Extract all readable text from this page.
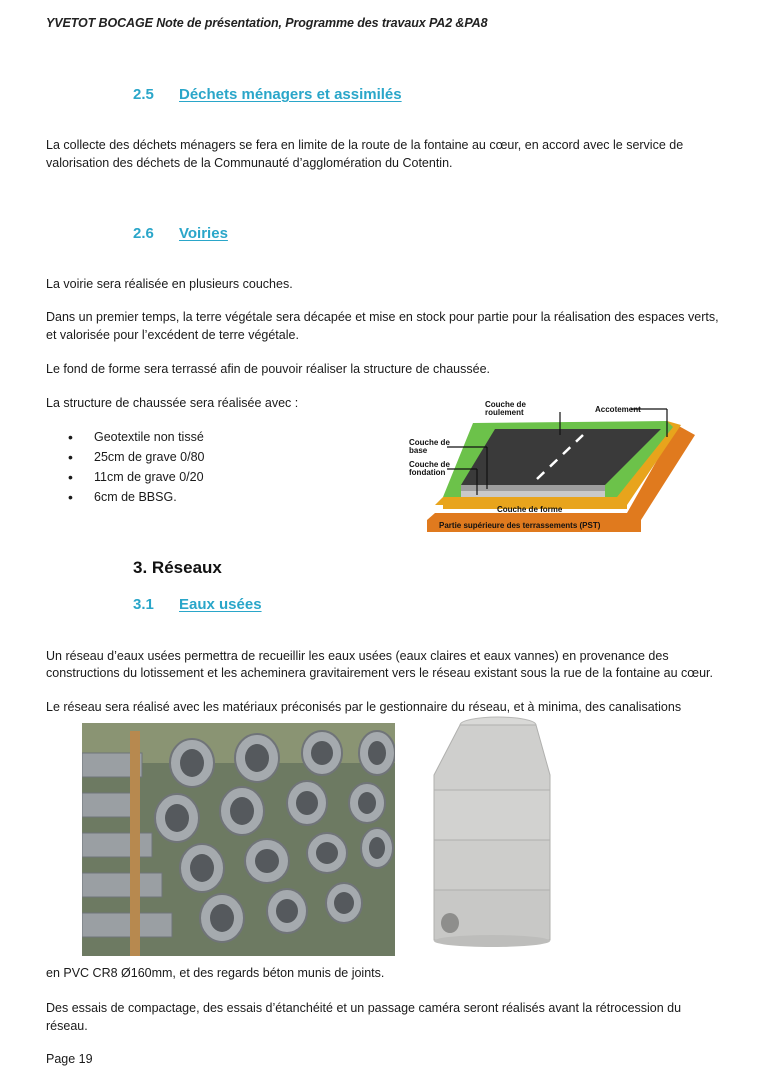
YVETOT BOCAGE Note de présentation, Programme des travaux PA2 &PA8
2.5 Déchets ménagers et assimilés
La collecte des déchets ménagers se fera en limite de la route de la fontaine au cœur, en accord avec le service de valorisation des déchets de la Communauté d’agglomération du Cotentin.
2.6 Voiries
La voirie sera réalisée en plusieurs couches.
Dans un premier temps, la terre végétale sera décapée et mise en stock pour partie pour la réalisation des espaces verts, et valorisée pour l’excédent de terre végétale.
Le fond de forme sera terrassé afin de pouvoir réaliser la structure de chaussée.
La structure de chaussée sera réalisée avec :
• Geotextile non tissé
• 25cm de grave 0/80
• 11cm de grave 0/20
• 6cm de BBSG.
Couche de
roulement	Accotement
Couche de
base
Couche de
fondation
Couche de forme
Partie supérieure des terrassements (PST)
3. Réseaux
3.1 Eaux usées
Un réseau d’eaux usées permettra de recueillir les eaux usées (eaux claires et eaux vannes) en provenance des constructions du lotissement et les acheminera gravitairement vers le réseau existant sous la rue de la fontaine au cœur.
Le réseau sera réalisé avec les matériaux préconisés par le gestionnaire du réseau, et à minima, des canalisations
en PVC CR8 Ø160mm, et des regards béton munis de joints.
Des essais de compactage, des essais d’étanchéité et un passage caméra seront réalisés avant la rétrocession du réseau.
Page 19
